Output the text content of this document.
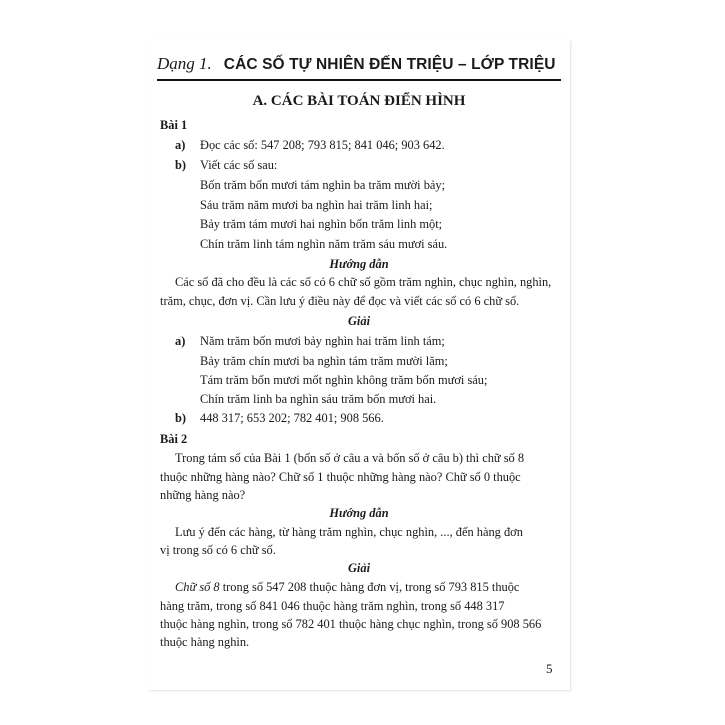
Dạng 1. CÁC SỐ TỰ NHIÊN ĐẾN TRIỆU – LỚP TRIỆU
A. CÁC BÀI TOÁN ĐIỂN HÌNH
Bài 1
a) Đọc các số: 547 208; 793 815; 841 046; 903 642.
b) Viết các số sau:
Bốn trăm bốn mươi tám nghìn ba trăm mười bảy;
Sáu trăm năm mươi ba nghìn hai trăm linh hai;
Bảy trăm tám mươi hai nghìn bốn trăm linh một;
Chín trăm linh tám nghìn năm trăm sáu mươi sáu.
Hướng dẫn
Các số đã cho đều là các số có 6 chữ số gồm trăm nghìn, chục nghìn, nghìn,
trăm, chục, đơn vị. Cần lưu ý điều này để đọc và viết các số có 6 chữ số.
Giải
a) Năm trăm bốn mươi bảy nghìn hai trăm linh tám;
Bảy trăm chín mươi ba nghìn tám trăm mười lăm;
Tám trăm bốn mươi mốt nghìn không trăm bốn mươi sáu;
Chín trăm linh ba nghìn sáu trăm bốn mươi hai.
b) 448 317; 653 202; 782 401; 908 566.
Bài 2
Trong tám số của Bài 1 (bốn số ở câu a và bốn số ở câu b) thì chữ số 8
thuộc những hàng nào? Chữ số 1 thuộc những hàng nào? Chữ số 0 thuộc
những hàng nào?
Hướng dẫn
Lưu ý đến các hàng, từ hàng trăm nghìn, chục nghìn, ..., đến hàng đơn
vị trong số có 6 chữ số.
Giải
Chữ số 8 trong số 547 208 thuộc hàng đơn vị, trong số 793 815 thuộc
hàng trăm, trong số 841 046 thuộc hàng trăm nghìn, trong số 448 317
thuộc hàng nghìn, trong số 782 401 thuộc hàng chục nghìn, trong số 908 566
thuộc hàng nghìn.
5
